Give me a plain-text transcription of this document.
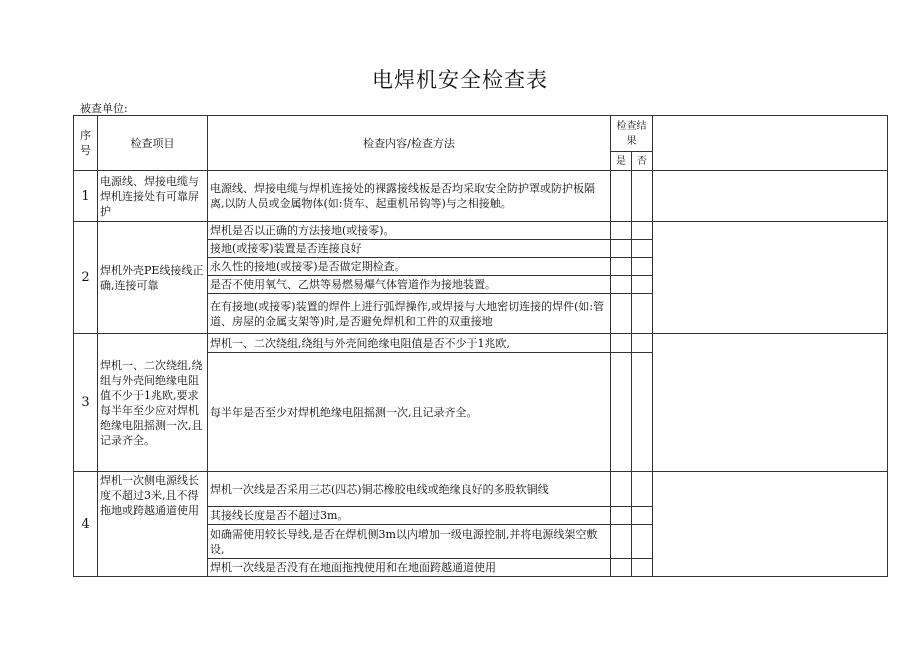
电焊机安全检查表
被查单位:
序号	检查项目	检查内容/检查方法	检查结果		
			是	否	
1	电源线、焊接电缆与焊机连接处有可靠屏护	电源线、焊接电缆与焊机连接处的裸露接线板是否均采取安全防护罩或防护板隔离,以防人员或金属物体(如:货车、起重机吊钩等)与之相接触。			
2	焊机外壳PE线接线正确,连接可靠	焊机是否以正确的方法接地(或接零)。			
		接地(或接零)装置是否连接良好			
		永久性的接地(或接零)是否做定期检查。			
		是否不使用氧气、乙烘等易燃易爆气体管道作为接地装置。			
		在有接地(或接零)装置的焊件上进行弧焊操作,或焊接与大地密切连接的焊件(如:管道、房屋的金属支架等)时,是否避免焊机和工件的双重接地			
3	焊机一、二次绕组,绕组与外壳间绝缘电阻值不少于1兆欧,要求每半年至少应对焊机绝缘电阻摇测一次,且记录齐全。	焊机一、二次绕组,绕组与外壳间绝缘电阻值是否不少于1兆欧,			
		每半年是否至少对焊机绝缘电阻摇测一次,且记录齐全。			
4	焊机一次侧电源线长度不超过3米,且不得拖地或跨越通道使用	焊机一次线是否采用三芯(四芯)铜芯橡胶电线或绝缘良好的多股软铜线			
		其接线长度是否不超过3m。			
		如确需使用较长导线,是否在焊机侧3m以内增加一级电源控制,并将电源线架空敷设,			
		焊机一次线是否没有在地面拖拽使用和在地面跨越通道使用			
